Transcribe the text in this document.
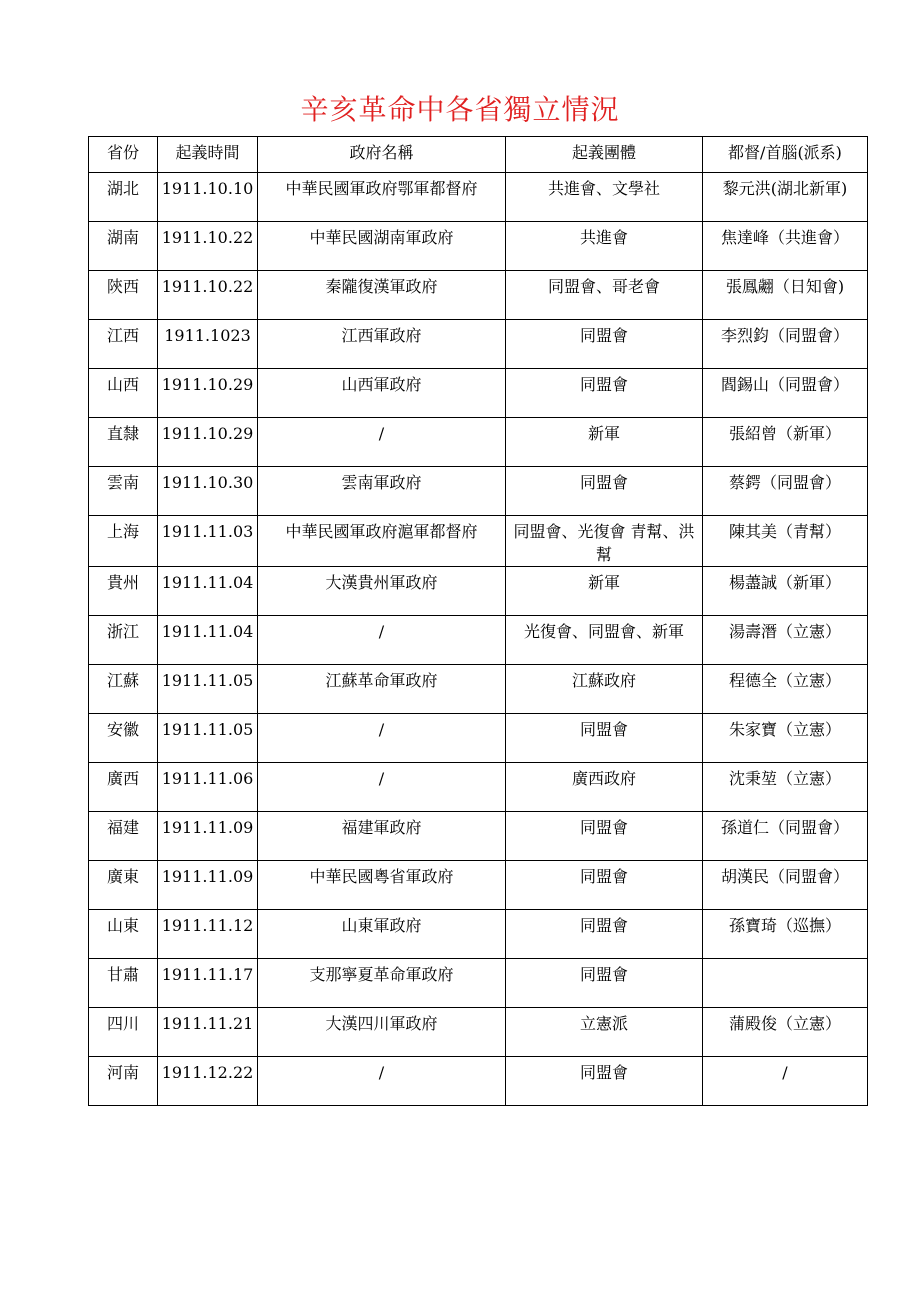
辛亥革命中各省獨立情況
省份	起義時間	政府名稱	起義團體	都督/首腦(派系)
湖北	1911.10.10	中華民國軍政府鄂軍都督府	共進會、文學社	黎元洪(湖北新軍)
湖南	1911.10.22	中華民國湖南軍政府	共進會	焦達峰（共進會）
陝西	1911.10.22	秦隴復漢軍政府	同盟會、哥老會	張鳳翽（日知會)
江西	1911.1023	江西軍政府	同盟會	李烈鈞（同盟會）
山西	1911.10.29	山西軍政府	同盟會	閻錫山（同盟會）
直隸	1911.10.29	/	新軍	張紹曾（新軍）
雲南	1911.10.30	雲南軍政府	同盟會	蔡鍔（同盟會）
上海	1911.11.03	中華民國軍政府滬軍都督府	同盟會、光復會 青幫、洪幫	陳其美（青幫）
貴州	1911.11.04	大漢貴州軍政府	新軍	楊藎誠（新軍）
浙江	1911.11.04	/	光復會、同盟會、新軍	湯壽潛（立憲）
江蘇	1911.11.05	江蘇革命軍政府	江蘇政府	程德全（立憲）
安徽	1911.11.05	/	同盟會	朱家寶（立憲）
廣西	1911.11.06	/	廣西政府	沈秉堃（立憲）
福建	1911.11.09	福建軍政府	同盟會	孫道仁（同盟會）
廣東	1911.11.09	中華民國粵省軍政府	同盟會	胡漢民（同盟會）
山東	1911.11.12	山東軍政府	同盟會	孫寶琦（巡撫）
甘肅	1911.11.17	支那寧夏革命軍政府	同盟會	
四川	1911.11.21	大漢四川軍政府	立憲派	蒲殿俊（立憲）
河南	1911.12.22	/	同盟會	/
